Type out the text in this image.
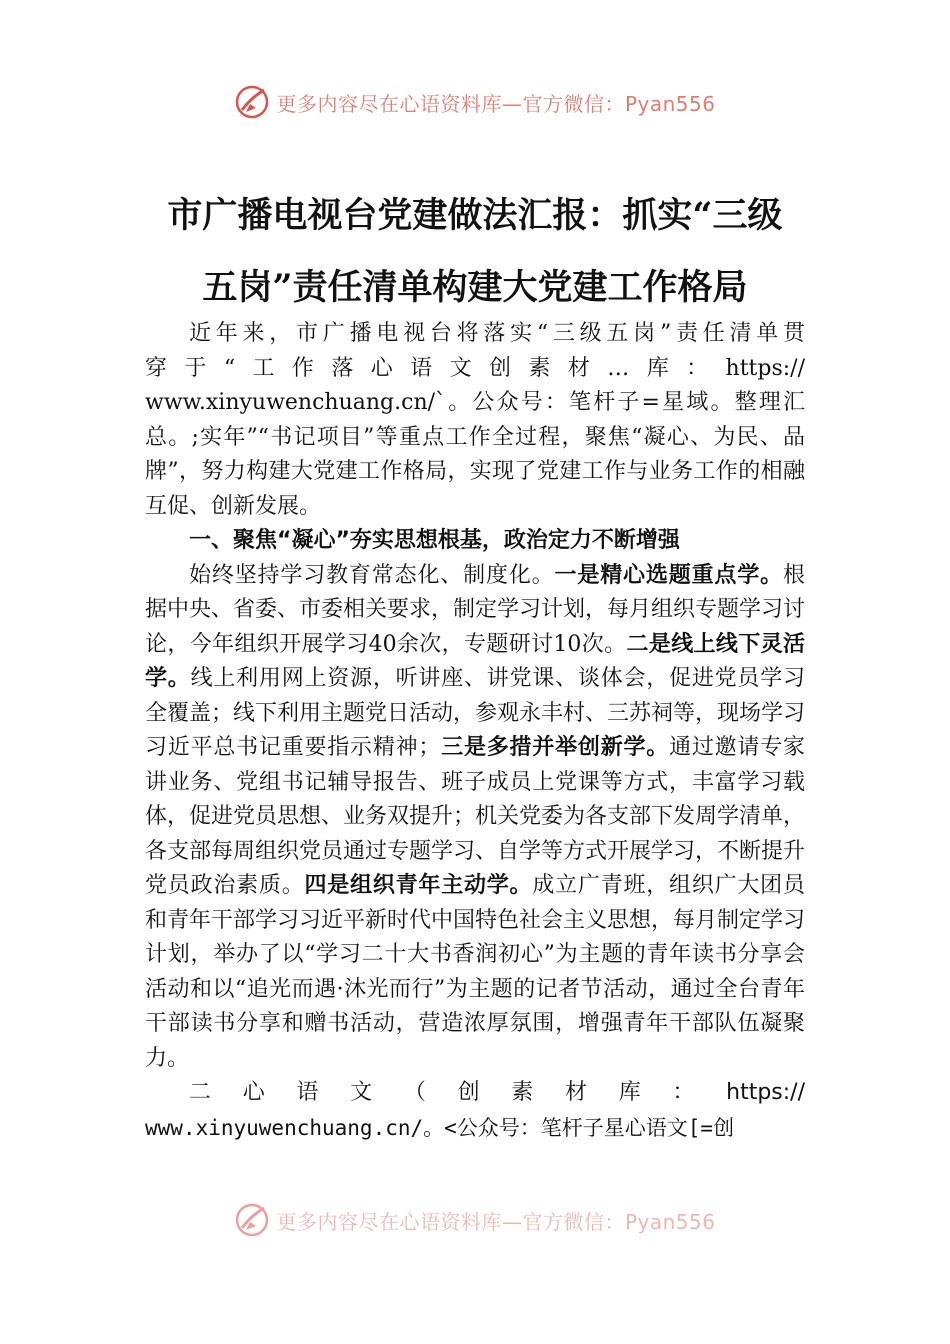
更多内容尽在心语资料库—官方微信：Pyan556
市广播电视台党建做法汇报：抓实“三级
五岗”责任清单构建大党建工作格局

近年来，市广播电视台将落实“三级五岗”责任清单贯

穿于“工作落心语文创素材…库：https://

www.xinyuwenchuang.cn/`。公众号：笔杆子=星域。整理汇总。;实年”“书记项目”等重点工作全过程，聚焦“凝心、为民、品牌”，努力构建大党建工作格局，实现了党建工作与业务工作的相融互促、创新发展。

一、聚焦“凝心”夯实思想根基，政治定力不断增强

始终坚持学习教育常态化、制度化。一是精心选题重点学。根据中央、省委、市委相关要求，制定学习计划，每月组织专题学习讨论，今年组织开展学习40余次，专题研讨10次。二是线上线下灵活学。线上利用网上资源，听讲座、讲党课、谈体会，促进党员学习全覆盖；线下利用主题党日活动，参观永丰村、三苏祠等，现场学习习近平总书记重要指示精神；三是多措并举创新学。通过邀请专家讲业务、党组书记辅导报告、班子成员上党课等方式，丰富学习载体，促进党员思想、业务双提升；机关党委为各支部下发周学清单，各支部每周组织党员通过专题学习、自学等方式开展学习，不断提升党员政治素质。四是组织青年主动学。成立广青班，组织广大团员和青年干部学习习近平新时代中国特色社会主义思想，每月制定学习计划，举办了以“学习二十大书香润初心”为主题的青年读书分享会活动和以“追光而遇·沐光而行”为主题的记者节活动，通过全台青年干部读书分享和赠书活动，营造浓厚氛围，增强青年干部队伍凝聚力。

二心语文（创素材库：https://

www.xinyuwenchuang.cn/。<公众号：笔杆子星心语文[=创

更多内容尽在心语资料库—官方微信：Pyan556
